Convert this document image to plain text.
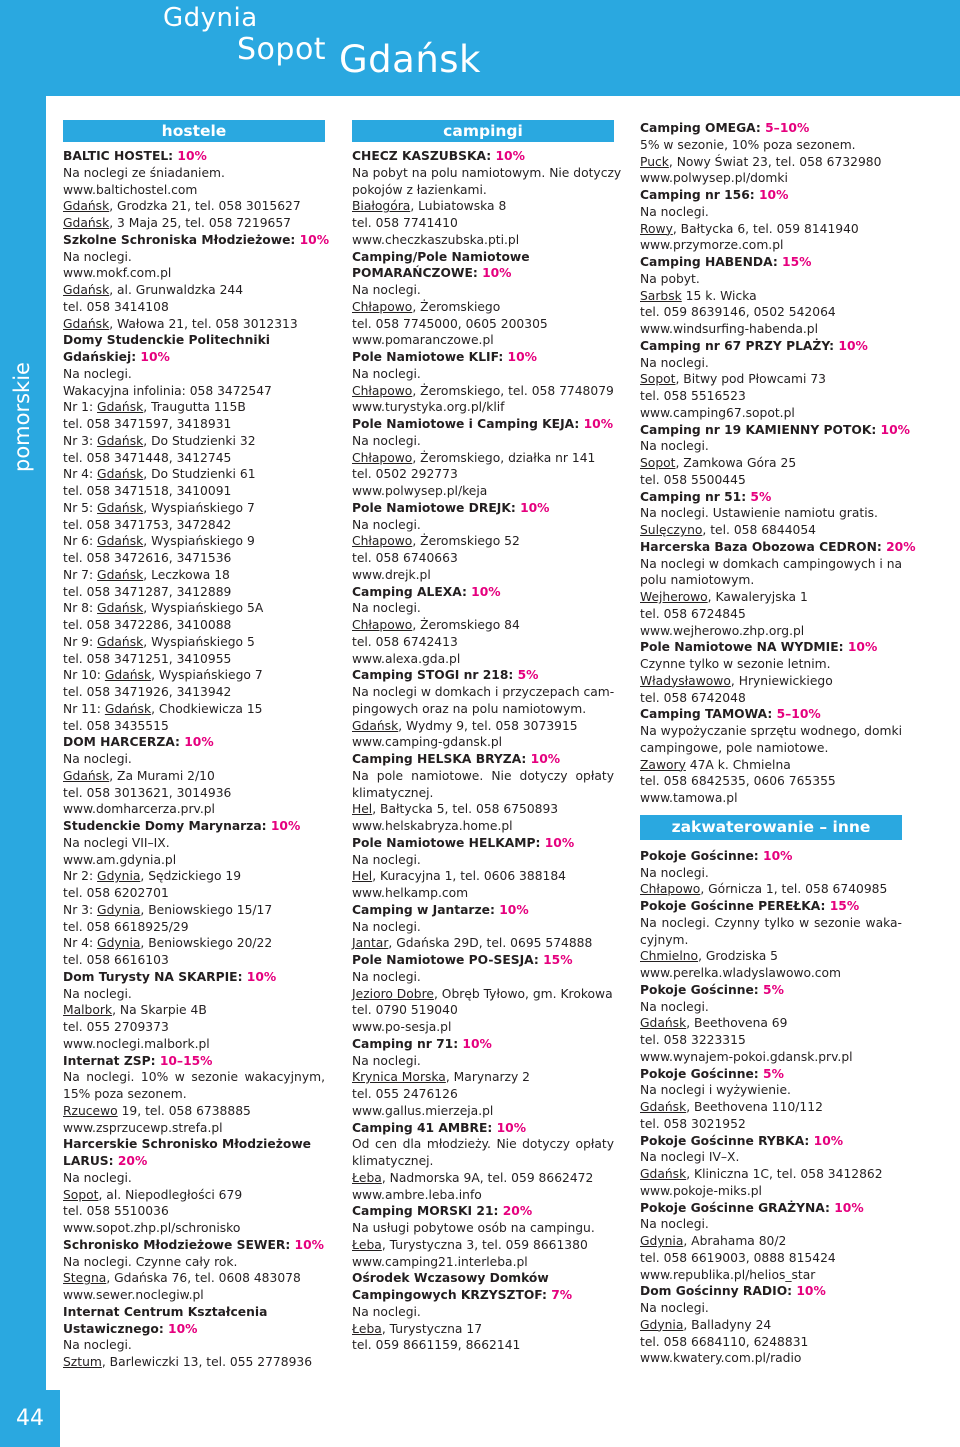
Gdynia
Sopot Gdańsk
pomorskie
44
hostele
BALTIC HOSTEL: 10%
Na noclegi ze śniadaniem.
www.baltichostel.com
Gdańsk, Grodzka 21, tel. 058 3015627
Gdańsk, 3 Maja 25, tel. 058 7219657
Szkolne Schroniska Młodzieżowe: 10%
Na noclegi.
www.mokf.com.pl
Gdańsk, al. Grunwaldzka 244
tel. 058 3414108
Gdańsk, Wałowa 21, tel. 058 3012313
Domy Studenckie Politechniki
Gdańskiej: 10%
Na noclegi.
Wakacyjna infolinia: 058 3472547
Nr 1: Gdańsk, Traugutta 115B
tel. 058 3471597, 3418931
Nr 3: Gdańsk, Do Studzienki 32
tel. 058 3471448, 3412745
Nr 4: Gdańsk, Do Studzienki 61
tel. 058 3471518, 3410091
Nr 5: Gdańsk, Wyspiańskiego 7
tel. 058 3471753, 3472842
Nr 6: Gdańsk, Wyspiańskiego 9
tel. 058 3472616, 3471536
Nr 7: Gdańsk, Leczkowa 18
tel. 058 3471287, 3412889
Nr 8: Gdańsk, Wyspiańskiego 5A
tel. 058 3472286, 3410088
Nr 9: Gdańsk, Wyspiańskiego 5
tel. 058 3471251, 3410955
Nr 10: Gdańsk, Wyspiańskiego 7
tel. 058 3471926, 3413942
Nr 11: Gdańsk, Chodkiewicza 15
tel. 058 3435515
DOM HARCERZA: 10%
Na noclegi.
Gdańsk, Za Murami 2/10
tel. 058 3013621, 3014936
www.domharcerza.prv.pl
Studenckie Domy Marynarza: 10%
Na noclegi VII–IX.
www.am.gdynia.pl
Nr 2: Gdynia, Sędzickiego 19
tel. 058 6202701
Nr 3: Gdynia, Beniowskiego 15/17
tel. 058 6618925/29
Nr 4: Gdynia, Beniowskiego 20/22
tel. 058 6616103
Dom Turysty NA SKARPIE: 10%
Na noclegi.
Malbork, Na Skarpie 4B
tel. 055 2709373
www.noclegi.malbork.pl
Internat ZSP: 10–15%
Na noclegi. 10% w sezonie wakacyjnym,
15% poza sezonem.
Rzucewo 19, tel. 058 6738885
www.zsprzucewp.strefa.pl
Harcerskie Schronisko Młodzieżowe
LARUS: 20%
Na noclegi.
Sopot, al. Niepodległości 679
tel. 058 5510036
www.sopot.zhp.pl/schronisko
Schronisko Młodzieżowe SEWER: 10%
Na noclegi. Czynne cały rok.
Stegna, Gdańska 76, tel. 0608 483078
www.sewer.noclegiw.pl
Internat Centrum Kształcenia
Ustawicznego: 10%
Na noclegi.
Sztum, Barlewiczki 13, tel. 055 2778936
campingi
CHECZ KASZUBSKA: 10%
Na pobyt na polu namiotowym. Nie dotyczy
pokojów z łazienkami.
Białogóra, Lubiatowska 8
tel. 058 7741410
www.checzkaszubska.pti.pl
Camping/Pole Namiotowe
POMARAŃCZOWE: 10%
Na noclegi.
Chłapowo, Żeromskiego
tel. 058 7745000, 0605 200305
www.pomaranczowe.pl
Pole Namiotowe KLIF: 10%
Na noclegi.
Chłapowo, Żeromskiego, tel. 058 7748079
www.turystyka.org.pl/klif
Pole Namiotowe i Camping KEJA: 10%
Na noclegi.
Chłapowo, Żeromskiego, działka nr 141
tel. 0502 292773
www.polwysep.pl/keja
Pole Namiotowe DREJK: 10%
Na noclegi.
Chłapowo, Żeromskiego 52
tel. 058 6740663
www.drejk.pl
Camping ALEXA: 10%
Na noclegi.
Chłapowo, Żeromskiego 84
tel. 058 6742413
www.alexa.gda.pl
Camping STOGI nr 218: 5%
Na noclegi w domkach i przyczepach cam-
pingowych oraz na polu namiotowym.
Gdańsk, Wydmy 9, tel. 058 3073915
www.camping-gdansk.pl
Camping HELSKA BRYZA: 10%
Na pole namiotowe. Nie dotyczy opłaty
klimatycznej.
Hel, Bałtycka 5, tel. 058 6750893
www.helskabryza.home.pl
Pole Namiotowe HELKAMP: 10%
Na noclegi.
Hel, Kuracyjna 1, tel. 0606 388184
www.helkamp.com
Camping w Jantarze: 10%
Na noclegi.
Jantar, Gdańska 29D, tel. 0695 574888
Pole Namiotowe PO-SESJA: 15%
Na noclegi.
Jezioro Dobre, Obręb Tyłowo, gm. Krokowa
tel. 0790 519040
www.po-sesja.pl
Camping nr 71: 10%
Na noclegi.
Krynica Morska, Marynarzy 2
tel. 055 2476126
www.gallus.mierzeja.pl
Camping 41 AMBRE: 10%
Od cen dla młodzieży. Nie dotyczy opłaty
klimatycznej.
Łeba, Nadmorska 9A, tel. 059 8662472
www.ambre.leba.info
Camping MORSKI 21: 20%
Na usługi pobytowe osób na campingu.
Łeba, Turystyczna 3, tel. 059 8661380
www.camping21.interleba.pl
Ośrodek Wczasowy Domków
Campingowych KRZYSZTOF: 7%
Na noclegi.
Łeba, Turystyczna 17
tel. 059 8661159, 8662141
Camping OMEGA: 5–10%
5% w sezonie, 10% poza sezonem.
Puck, Nowy Świat 23, tel. 058 6732980
www.polwysep.pl/domki
Camping nr 156: 10%
Na noclegi.
Rowy, Bałtycka 6, tel. 059 8141940
www.przymorze.com.pl
Camping HABENDA: 15%
Na pobyt.
Sarbsk 15 k. Wicka
tel. 059 8639146, 0502 542064
www.windsurfing-habenda.pl
Camping nr 67 PRZY PLAŻY: 10%
Na noclegi.
Sopot, Bitwy pod Płowcami 73
tel. 058 5516523
www.camping67.sopot.pl
Camping nr 19 KAMIENNY POTOK: 10%
Na noclegi.
Sopot, Zamkowa Góra 25
tel. 058 5500445
Camping nr 51: 5%
Na noclegi. Ustawienie namiotu gratis.
Sulęczyno, tel. 058 6844054
Harcerska Baza Obozowa CEDRON: 20%
Na noclegi w domkach campingowych i na
polu namiotowym.
Wejherowo, Kawaleryjska 1
tel. 058 6724845
www.wejherowo.zhp.org.pl
Pole Namiotowe NA WYDMIE: 10%
Czynne tylko w sezonie letnim.
Władysławowo, Hryniewickiego
tel. 058 6742048
Camping TAMOWA: 5–10%
Na wypożyczanie sprzętu wodnego, domki
campingowe, pole namiotowe.
Zawory 47A k. Chmielna
tel. 058 6842535, 0606 765355
www.tamowa.pl
zakwaterowanie – inne
Pokoje Gościnne: 10%
Na noclegi.
Chłapowo, Górnicza 1, tel. 058 6740985
Pokoje Gościnne PEREŁKA: 15%
Na noclegi. Czynny tylko w sezonie waka-
cyjnym.
Chmielno, Grodziska 5
www.perelka.wladyslawowo.com
Pokoje Gościnne: 5%
Na noclegi.
Gdańsk, Beethovena 69
tel. 058 3223315
www.wynajem-pokoi.gdansk.prv.pl
Pokoje Gościnne: 5%
Na noclegi i wyżywienie.
Gdańsk, Beethovena 110/112
tel. 058 3021952
Pokoje Gościnne RYBKA: 10%
Na noclegi IV–X.
Gdańsk, Kliniczna 1C, tel. 058 3412862
www.pokoje-miks.pl
Pokoje Gościnne GRAŻYNA: 10%
Na noclegi.
Gdynia, Abrahama 80/2
tel. 058 6619003, 0888 815424
www.republika.pl/helios_star
Dom Gościnny RADIO: 10%
Na noclegi.
Gdynia, Balladyny 24
tel. 058 6684110, 6248831
www.kwatery.com.pl/radio
